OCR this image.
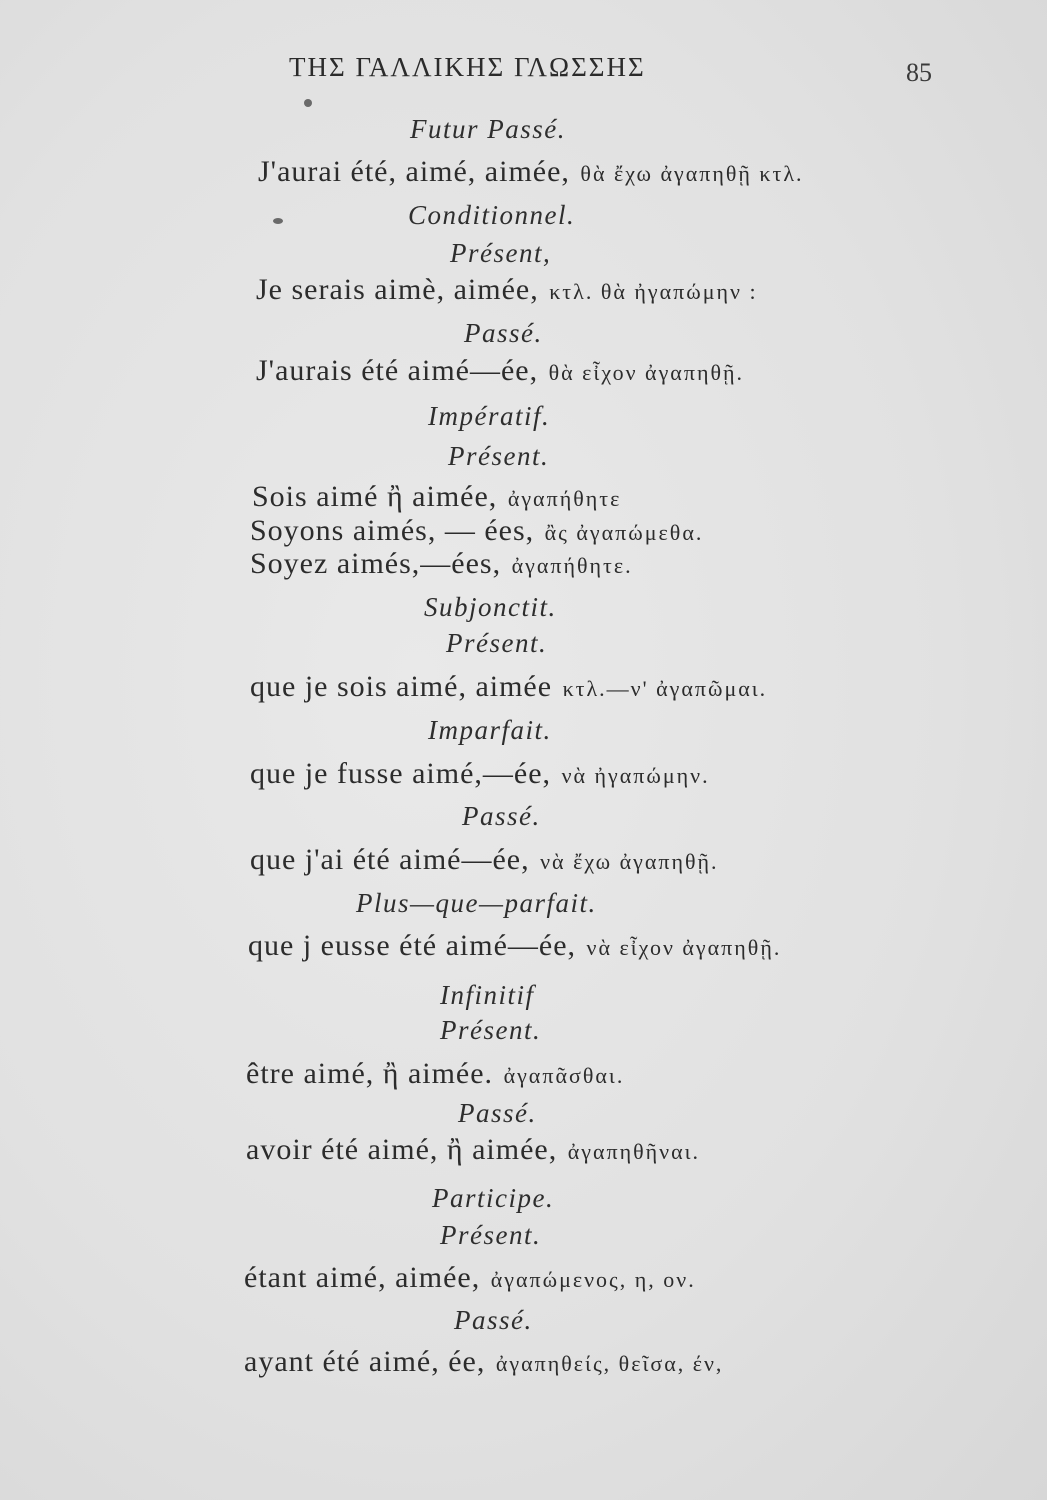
ΤΗΣ ΓΑΛΛΙΚΗΣ ΓΛΩΣΣΗΣ	85
Futur Passé.
J'aurai été, aimé, aimée, θὰ ἔχω ἀγαπηθῇ κτλ.
Conditionnel.
Présent,
Je serais aimè, aimée, κτλ. θὰ ἠγαπώμην :
Passé.
J'aurais été aimé—ée, θὰ εἶχον ἀγαπηθῇ.
Impératif.
Présent.
Sois aimé ἢ aimée, ἀγαπήθητε
Soyons aimés, — ées, ἂς ἀγαπώμεθα.
Soyez aimés,—ées, ἀγαπήθητε.
Subjonctit.
Présent.
que je sois aimé, aimée κτλ.—ν' ἀγαπῶμαι.
Imparfait.
que je fusse aimé,—ée, νὰ ἠγαπώμην.
Passé.
que j'ai été aimé—ée, νὰ ἔχω ἀγαπηθῇ.
Plus—que—parfait.
que j eusse été aimé—ée, νὰ εἶχον ἀγαπηθῇ.
Infinitif
Présent.
être aimé, ἢ aimée. ἀγαπᾶσθαι.
Passé.
avoir été aimé, ἢ aimée, ἀγαπηθῆναι.
Participe.
Présent.
étant aimé, aimée, ἀγαπώμενος, η, ον.
Passé.
ayant été aimé, ée, ἀγαπηθείς, θεῖσα, έν,
